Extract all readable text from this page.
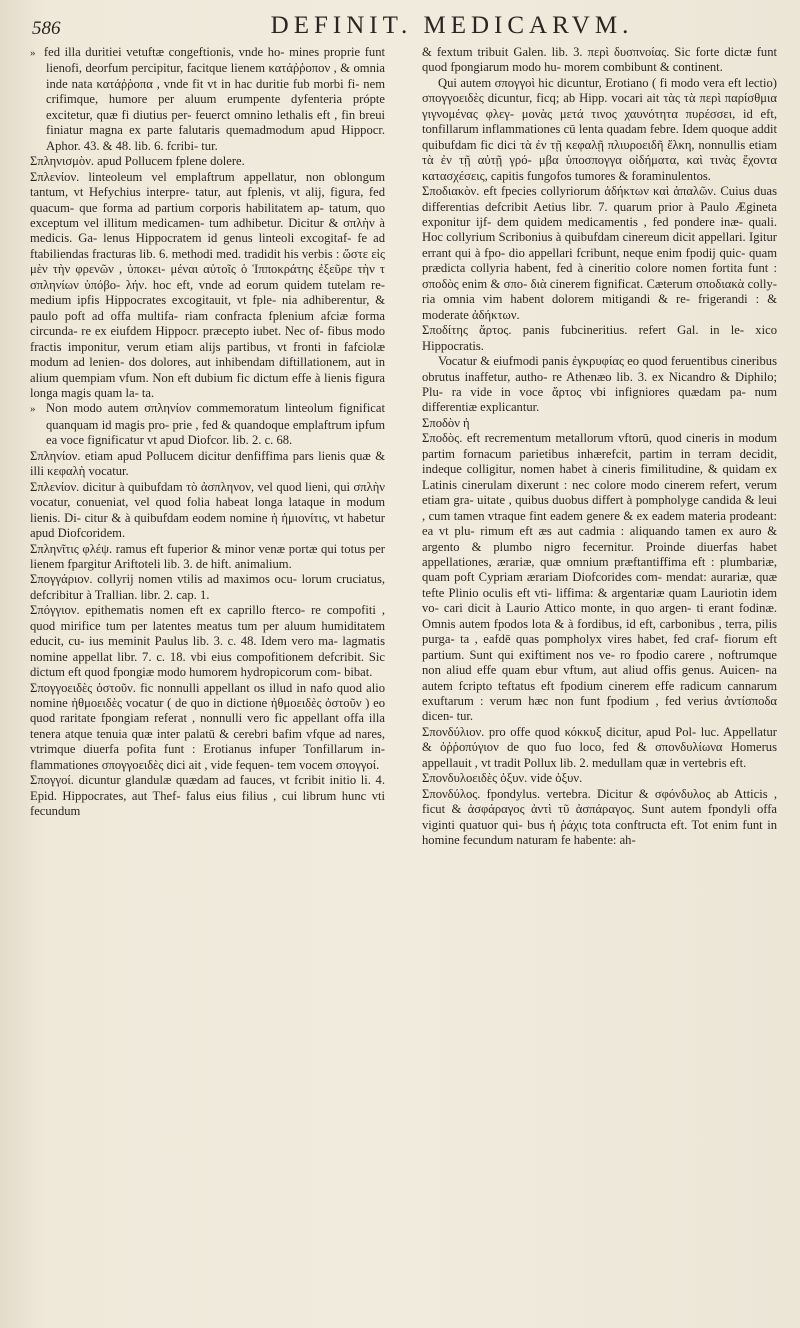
586	DEFINIT. MEDICARVM.

»  fed illa duritiei vetuftæ congeftionis, vnde ho- mines proprie funt lienofi, deorfum percipitur, facitque lienem κατάῤῥοπον , & omnia inde nata κατάῤῥοπα , vnde fit vt in hac duritie fub morbi fi- nem crifimque, humore per aluum erumpente dyfenteria própte excitetur, quæ fi diutius per- feuerct omnino lethalis eft , fin breui finiatur magna ex parte falutaris quemadmodum apud Hippocr. Aphor. 43. & 48. lib. 6. fcribi- tur.

Σπληνισμὸν. apud Pollucem fplene dolere.

Σπλενίον. linteoleum vel emplaftrum appellatur, non oblongum tantum, vt Hefychius interpre- tatur, aut fplenis, vt alij, figura, fed quacum- que forma ad partium corporis habilitatem ap- tatum, quo exceptum vel illitum medicamen- tum adhibetur. Dicitur & σπλὴν à medicis. Ga- lenus Hippocratem id genus linteoli excogitaf- fe ad ftabiliendas fracturas lib. 6. methodi med. tradidit his verbis : ὥστε εἰς μὲν τὴν φρενῶν , ὑποκει- μέναι αὐτοῖς ὁ Ἱπποκράτης ἐξεῦρε τὴν τ σπληνίων ὑπόβο- λήν. hoc eft, vnde ad eorum quidem tutelam re- medium ipfis Hippocrates excogitauit, vt fple- nia adhiberentur, & paulo poft ad offa multifa- riam confracta fplenium afciæ forma circunda- re ex eiufdem Hippocr. præcepto iubet. Nec of- fibus modo fractis imponitur, verum etiam alijs partibus, vt fronti in fafciolæ modum ad lenien- dos dolores, aut inhibendam diftillationem, aut in alium quempiam vfum. Non eft dubium fic dictum effe à lienis figura longa magis quam la- ta.

»  Non modo autem σπληνίον commemoratum linteolum fignificat quanquam id magis pro- prie , fed & quandoque emplaftrum ipfum ea voce fignificatur vt apud Diofcor. lib. 2. c. 68.

Σπληνίον. etiam apud Pollucem dicitur denfiffima pars lienis quæ & illi κεφαλὴ vocatur.

Σπλενίον. dicitur à quibufdam τὸ ἀσπληνον, vel quod lieni, qui σπλὴν vocatur, conueniat, vel quod folia habeat longa lataque in modum lienis. Di- citur & à quibufdam eodem nomine ἡ ἡμιονίτις, vt habetur apud Diofcoridem.

Σπληνῖτις φλέψ. ramus eft fuperior & minor venæ portæ qui totus per lienem fpargitur Ariftoteli lib. 3. de hift. animalium.

Σπογγάριον. collyrij nomen vtilis ad maximos ocu- lorum cruciatus, defcribitur à Trallian. libr. 2. cap. 1.

Σπόγγιον. epithematis nomen eft ex caprillo fterco- re compofiti , quod mirifice tum per latentes meatus tum per aluum humiditatem educit, cu- ius meminit Paulus lib. 3. c. 48. Idem vero ma- lagmatis nomine appellat libr. 7. c. 18. vbi eius compofitionem defcribit. Sic dictum eft quod fpongiæ modo humorem hydropicorum com- bibat.

Σπογγοειδὲς ὀστοῦν. fic nonnulli appellant os illud in nafo quod alio nomine ἠθμοειδὲς vocatur ( de quo in dictione ἠθμοειδὲς ὀστοῦν ) eo quod raritate fpongiam referat , nonnulli vero fic appellant offa illa tenera atque tenuia quæ inter palatū & cerebri bafim vfque ad nares, vtrimque diuerfa pofita funt : Erotianus infuper Tonfillarum in- flammationes σπογγοειδὲς dici ait , vide fequen- tem vocem σπογγοί.

Σπογγοί. dicuntur glandulæ quædam ad fauces, vt fcribit initio li. 4. Epid. Hippocrates, aut Thef- falus eius filius , cui librum hunc vti fecundum

& fextum tribuit Galen. lib. 3. περὶ δυσπνοίας. Sic forte dictæ funt quod fpongiarum modo hu- morem combibunt & continent.

Qui autem σπογγοὶ hic dicuntur, Erotiano ( fi modo vera eft lectio) σπογγοειδὲς dicuntur, ficq; ab Hipp. vocari ait τὰς τὰ περὶ παρίσθμια γιγνομένας φλεγ- μονὰς μετά τινος χαυνότητα πυρέσσει, id eft, tonfillarum inflammationes cū lenta quadam febre. Idem quoque addit quibufdam fic dici τὰ ἐν τῇ κεφαλῇ πλιυροειδῆ ἕλκη, nonnullis etiam τὰ ἐν τῇ αὐτῇ γρό- μβα ὑποσπογγα οἰδήματα, καὶ τινὰς ἔχοντα κατασχέσεις, capitis fungofos tumores & foraminulentos.

Σποδιακὸν. eft fpecies collyriorum ἀδήκτων καὶ ἁπαλῶν. Cuius duas differentias defcribit Aetius libr. 7. quarum prior à Paulo Ægineta exponitur ijf- dem quidem medicamentis , fed pondere inæ- quali. Hoc collyrium Scribonius à quibufdam cinereum dicit appellari. Igitur errant qui à fpo- dio appellari fcribunt, neque enim fpodij quic- quam prædicta collyria habent, fed à cineritio colore nomen fortita funt : σποδὸς enim & σπο- διὰ cinerem fignificat. Cæterum σποδιακὰ colly- ria omnia vim habent dolorem mitigandi & re- frigerandi : & moderate ἀδήκτων.

Σποδίτης ἄρτος. panis fubcineritius. refert Gal. in le- xico Hippocratis.

Vocatur & eiufmodi panis ἐγκρυφίας eo quod feruentibus cineribus obrutus inaffetur, autho- re Athenæo lib. 3. ex Nicandro & Diphilo; Plu- ra vide in voce ἄρτος vbi infigniores quædam pa- num differentiæ explicantur.

Σποδὸν ἡ

Σποδὸς. eft recrementum metallorum vftorū, quod cineris in modum partim fornacum parietibus inhærefcit, partim in terram decidit, indeque colligitur, nomen habet à cineris fimilitudine, & quidam ex Latinis cinerulam dixerunt : nec colore modo cinerem refert, verum etiam gra- uitate , quibus duobus differt à pompholyge candida & leui , cum tamen vtraque fint eadem genere & ex eadem materia prodeant: ea vt plu- rimum eft æs aut cadmia : aliquando tamen ex auro & argento & plumbo nigro fecernitur. Proinde diuerfas habet appellationes, ærariæ, quæ omnium præftantiffima eft : plumbariæ, quam poft Cypriam ærariam Diofcorides com- mendat: aurariæ, quæ tefte Plinio oculis eft vti- liffima: & argentariæ quam Lauriotin idem vo- cari dicit à Laurio Attico monte, in quo argen- ti erant fodinæ. Omnis autem fpodos lota & à fordibus, id eft, carbonibus , terra, pilis purga- ta , eafdē quas pompholyx vires habet, fed craf- fiorum eft partium. Sunt qui exiftiment nos ve- ro fpodio carere , noftrumque non aliud effe quam ebur vftum, aut aliud offis genus. Auicen- na autem fcripto teftatus eft fpodium cinerem effe radicum cannarum exuftarum : verum hæc non funt fpodium , fed verius ἀντίσποδα dicen- tur.

Σπονδύλιον. pro offe quod κόκκυξ dicitur, apud Pol- luc. Appellatur & ὀῤῥοπύγιον de quo fuo loco, fed & σπονδυλίωνα Homerus appellauit , vt tradit Pollux lib. 2. medullam quæ in vertebris eft.

Σπονδυλοειδὲς ὀξυν. vide ὀξυν.

Σπονδύλος. fpondylus. vertebra. Dicitur & σφόνδυλος ab Atticis , ficut & ἀσφάραγος ἀντὶ τῦ ἀσπάραγος. Sunt autem fpondyli offa viginti quatuor qui- bus ἡ ῥάχις tota conftructa eft. Tot enim funt in homine fecundum naturam fe habente: ah-
